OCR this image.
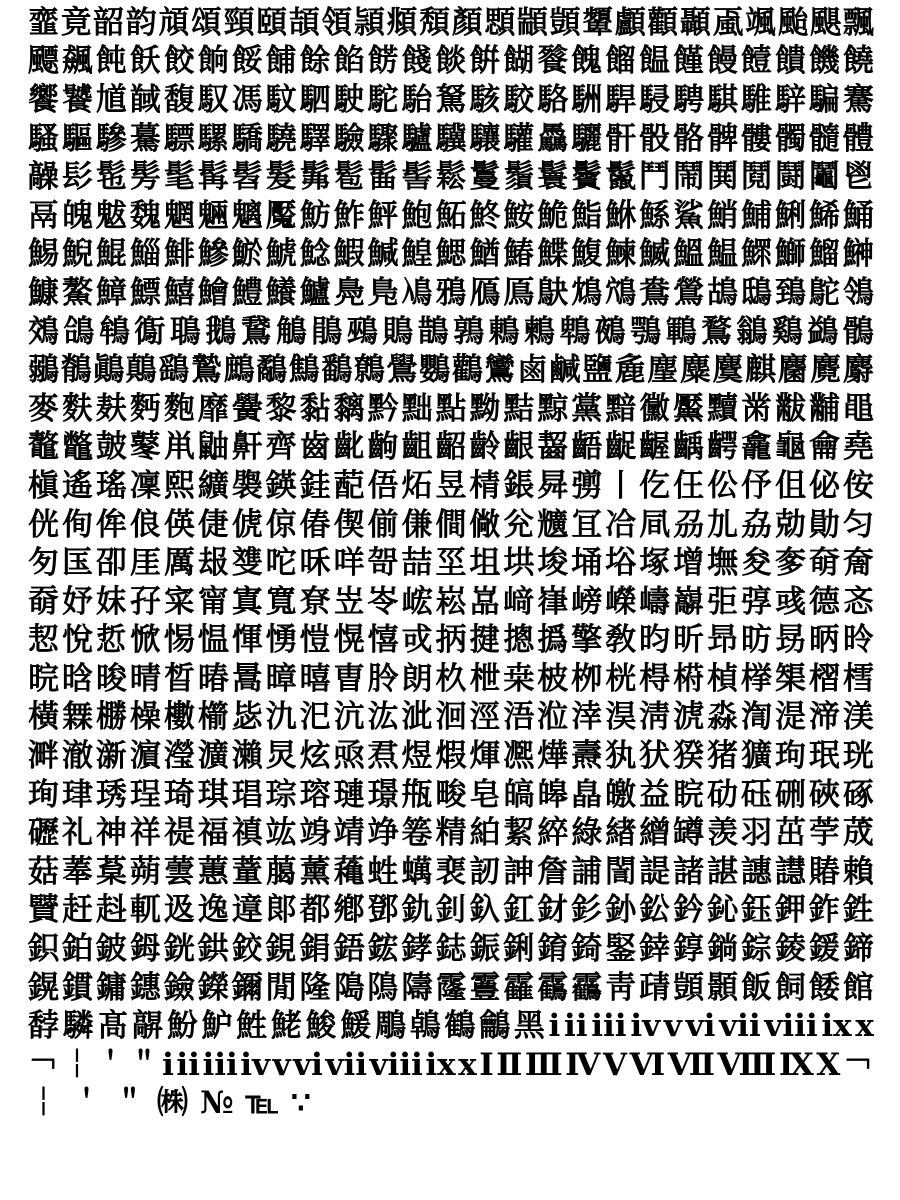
韲 竟 韶 韵 頏 頌 頸 頤 頡 領 頴 頫 頽 顏 顋 顓 顗 顰 顱 顴 顳 颪 颯 颱 颶 飄
飃 飆 飩 飫 餃 餉 餒 餔 餘 餡 餝 餞 餤 餠 餬 餮 餽 餾 饂 饉 饅 饐 饋 饑 饒
饗 饕 馗 馘 馥 馭 馮 馼 駟 駛 駝 駘 駑 駭 駮 駱 駲 駻 駸 騁 騏 騅 騂 騙 騫
騷 驅 驂 驀 驃 騾 驕 驍 驛 驗 驟 驢 驥 驤 驩 驫 驪 骭 骰 骼 髀 髏 髑 髓 體
髞 髟 髢 髣 髦 髯 髫 髮 髴 髱 髷 髻 鬆 鬘 鬚 鬟 鬢 鬣 鬥 鬧 鬨 鬩 鬪 鬮 鬯
鬲 魄 魃 魏 魍 魎 魑 魘 魴 鮓 鮃 鮑 鮖 鮗 鮟 鮠 鮨 鮴 鯀 鯊 鮹 鯆 鯏 鯑 鯒
鯣 鯢 鯤 鯔 鯡 鰺 鯲 鯱 鯰 鰕 鰔 鰉 鰓 鰌 鰆 鰈 鰒 鰊 鰄 鰮 鰛 鰥 鰤 鰡 鰰
鱇 鰲 鱆 鰾 鱚 鱠 鱧 鱶 鱸 鳧 鳬 鳰 鴉 鴈 鳫 鴃 鴆 鴪 鴦 鶯 鴣 鴟 鵄 鴕 鴒
鵁 鴿 鴾 鵆 鵈 鵝 鵞 鵤 鵑 鵐 鵙 鵲 鶉 鶇 鶫 鵯 鵺 鶚 鶤 鶩 鶲 鷄 鷁 鶻
鶸 鶺 鷆 鷏 鷂 鷙 鷓 鷸 鷦 鷭 鷯 鷽 鸚 鸛 鸞 鹵 鹹 鹽 麁 麈 麋 麌 麒 麕 麑 麝
麥 麩 麸 麪 麭 靡 黌 黎 黏 黐 黔 黜 點 黝 黠 黥 黨 黯 黴 黶 黷 黹 黻 黼 黽
鼇 鼈 皷 鼕 鼡 鼬 鼾 齊 齒 齔 齣 齟 齠 齡 齦 齧 齬 齪 齷 齲 齶 龕 龜 龠 堯
槇 遙 瑤 凜 熙 纊 褜 鍈 銈 蓜 俉 炻 昱 棈 鋹 曻 彅 丨 仡 仼 伀 伃 伹 佖 侒
侊 侚 侔 俍 偀 倢 俿 倞 偆 偰 偂 傔 僴 僘 兊 兤 冝 冾 凬 刕 劜 劦 勀 勛 匀
匇 匤 卲 厓 厲 叝 﨎 咜 咊 咩 哿 喆 坙 坥 垬 埈 埇 﨏 塚 增 墲 夋 奓 奛 奝
奣 妤 妺 孖 寀 甯 寘 寬 尞 岦 岺 峵 崧 嵓 﨑 嵂 嵭 嶸 嶹 巐 弡 弴 彧 德 忞
恝 悅 悊 惞 惕 愠 惲 愑 愷 愰 憘 戓 抦 揵 摠 撝 擎 敎 昀 昕 昻 昉 昮 昞 昤
晥 晗 晙 晴 晳 暙 暠 暲 暿 曺 朎 朗 杦 枻 桒 柀 栁 桄 棏 﨓 楨 﨔 榘 槢 樰
橫 橆 橳 橾 櫢 櫤 毖 氿 汜 沆 汯 泚 洄 涇 浯 涖 涬 淏 淸 淲 淼 渹 湜 渧 渼
溿 澈 澵 濵 瀅 瀇 瀨 炅 炫 焏 焄 煜 煆 煇 凞 燁 燾 犱 犾 猤 猪 獷 玽 珉 珖
珣 珒 琇 珵 琦 琪 琩 琮 瑢 璉 璟 甁 畯 皂 皜 皞 皛 皦 益 睆 劯 砡 硎 硤 硺
礰 礼 神 祥 禔 福 禛 竑 竧 靖 竫 箞 精 絈 絜 綷 綠 緖 繒 罇 羡 羽 茁 荢 荿
菇 菶 葈 蒴 蕓 蕙 蕫 﨟 薰 蘒 﨡 蠇 裵 訒 訷 詹 誧 誾 諟 諸 諶 譓 譿 賰 賴
贒 赶 﨣 軏 﨤 逸 遧 郞 都 鄕 鄧 釚 釗 釞 釭 釮 釤 釥 鈆 鈐 鈊 鈺 鉀 鈼 鉎
鉙 鉑 鈹 鉧 銧 鉷 鉸 鋧 鋗 鋙 鋐 﨧 鋕 鋠 鋓 錥 錡 鋻 﨨 錞 鋿 錝 錂 鍰 鍗
鎤 鏆 鏞 鏸 鐱 鑅 鑈 閒 隆 﨩 隝 隯 霳 霻 靃 靍 靏 靑 靕 顗 顥 飯 飼 餧 館
馞 驎 髙 髜 魵 魲 鮏 鮱 鮻 鰀 鵰 鵫 鶴 鸙 黑 ⅰ ⅱ ⅲ ⅳ ⅴ ⅵ ⅶ ⅷ ⅸ ⅹ
￢ ￤ ＇ ＂ ⅰ ⅱ ⅲ ⅳ ⅴ ⅵ ⅶ ⅷ ⅸ ⅹ Ⅰ Ⅱ Ⅲ Ⅳ Ⅴ Ⅵ Ⅶ Ⅷ Ⅸ Ⅹ ￢
￤ ＇ ＂ ㈱ № ℡ ∵
